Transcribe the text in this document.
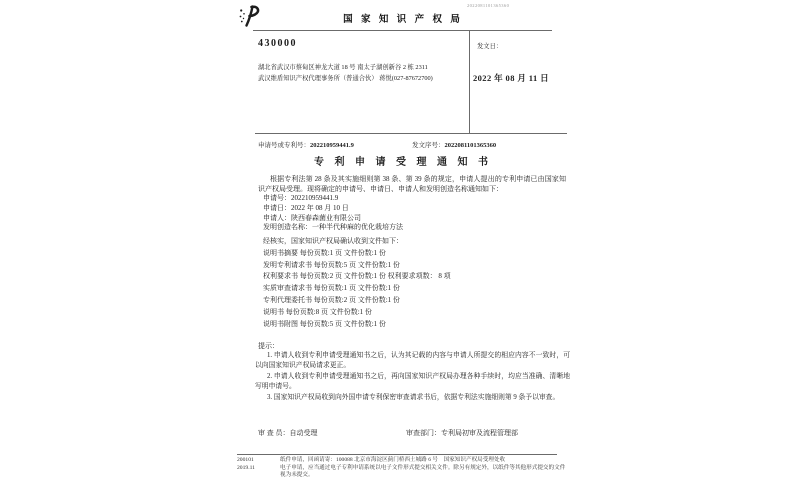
2022081101365360
国 家 知 识 产 权 局
430000
湖北省武汉市蔡甸区神龙大道 18 号 南太子湖创新谷 2 栋 2311
武汉维盾知识产权代理事务所（普通合伙） 蒋悦(027-87672700)
发文日：
2022 年 08 月 11 日
申请号或专利号：202210959441.9	发文序号：2022081101365360
专 利 申 请 受 理 通 知 书
根据专利法第 28 条及其实施细则第 38 条、第 39 条的规定，申请人提出的专利申请已由国家知识产权局受理。现将确定的申请号、申请日、申请人和发明创造名称通知如下：
申请号：202210959441.9
申请日：2022 年 08 月 10 日
申请人：陕西春森菌业有限公司
发明创造名称：一种半代种麻的优化栽培方法
经核实，国家知识产权局确认收到文件如下：
说明书摘要 每份页数:1 页 文件份数:1 份
发明专利请求书 每份页数:5 页 文件份数:1 份
权利要求书 每份页数:2 页 文件份数:1 份 权利要求项数： 8 项
实质审查请求书 每份页数:1 页 文件份数:1 份
专利代理委托书 每份页数:2 页 文件份数:1 份
说明书 每份页数:8 页 文件份数:1 份
说明书附图 每份页数:5 页 文件份数:1 份
提示：

1. 申请人收到专利申请受理通知书之后，认为其记载的内容与申请人所提交的相应内容不一致时，可以向国家知识产权局请求更正。

2. 申请人收到专利申请受理通知书之后，再向国家知识产权局办理各种手续时，均应当准确、清晰地写明申请号。

3. 国家知识产权局收到向外国申请专利保密审查请求书后，依据专利法实施细则第 9 条予以审查。

审 查 员：自动受理	审查部门：专利局初审及流程管理部
200101	纸件申请，回函请寄：100088 北京市海淀区蓟门桥西土城路 6 号　国家知识产权局受理处收
2019.11	电子申请，应当通过电子专利申请系统以电子文件形式提交相关文件。除另有规定外，以纸件等其他形式提交的文件视为未提交。
